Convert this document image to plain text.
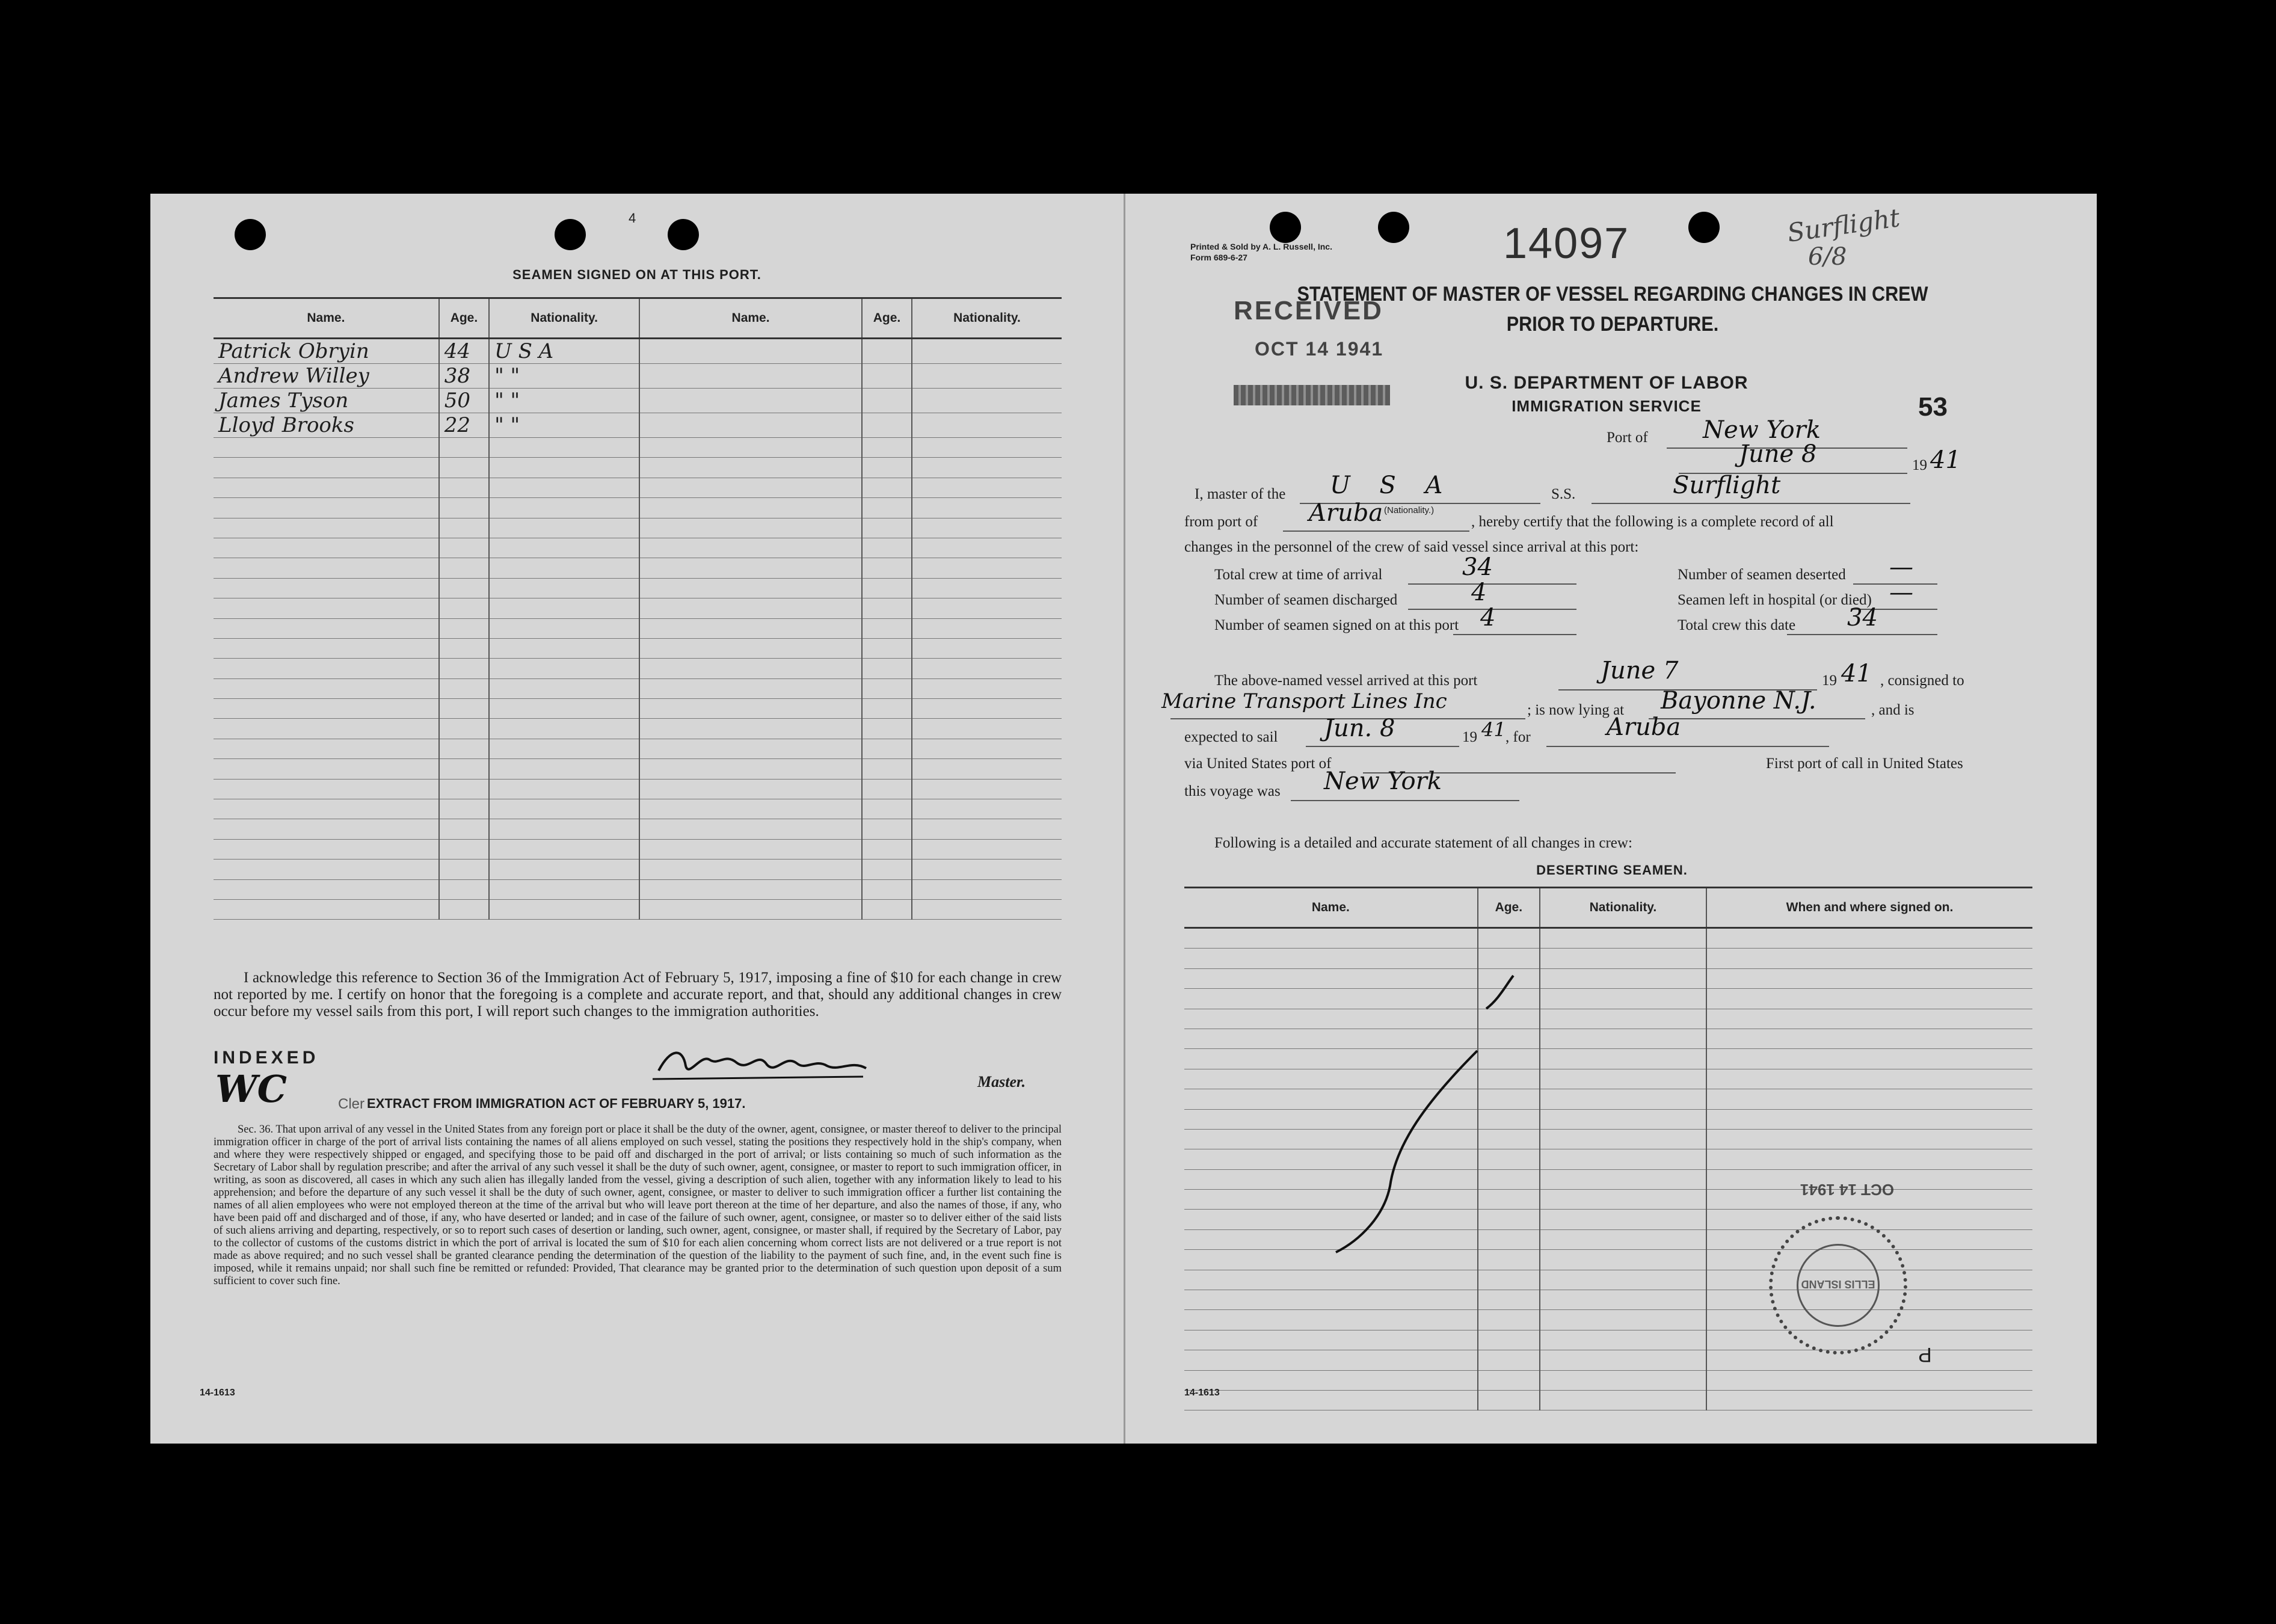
4
SEAMEN SIGNED ON AT THIS PORT.
Name.	Age.	Nationality.	Name.	Age.	Nationality.
Patrick Obryin	44	U S A			
Andrew Willey	38	" "			
James Tyson	50	" "			
Lloyd Brooks	22	" "			

I acknowledge this reference to Section 36 of the Immigration Act of February 5, 1917, imposing a fine of $10 for each change in crew not reported by me. I certify on honor that the foregoing is a complete and accurate report, and that, should any additional changes in crew occur before my vessel sails from this port, I will report such changes to the immigration authorities.
INDEXED
WC	Cler
Master.
EXTRACT FROM IMMIGRATION ACT OF FEBRUARY 5, 1917.
Sec. 36. That upon arrival of any vessel in the United States from any foreign port or place it shall be the duty of the owner, agent, consignee, or master thereof to deliver to the principal immigration officer in charge of the port of arrival lists containing the names of all aliens employed on such vessel, stating the positions they respectively hold in the ship's company, when and where they were respectively shipped or engaged, and specifying those to be paid off and discharged in the port of arrival; or lists containing so much of such information as the Secretary of Labor shall by regulation prescribe; and after the arrival of any such vessel it shall be the duty of such owner, agent, consignee, or master to report to such immigration officer, in writing, as soon as discovered, all cases in which any such alien has illegally landed from the vessel, giving a description of such alien, together with any information likely to lead to his apprehension; and before the departure of any such vessel it shall be the duty of such owner, agent, consignee, or master to deliver to such immigration officer a further list containing the names of all alien employees who were not employed thereon at the time of the arrival but who will leave port thereon at the time of her departure, and also the names of those, if any, who have been paid off and discharged and of those, if any, who have deserted or landed; and in case of the failure of such owner, agent, consignee, or master so to deliver either of the said lists of such aliens arriving and departing, respectively, or so to report such cases of desertion or landing, such owner, agent, consignee, or master shall, if required by the Secretary of Labor, pay to the collector of customs of the customs district in which the port of arrival is located the sum of $10 for each alien concerning whom correct lists are not delivered or a true report is not made as above required; and no such vessel shall be granted clearance pending the determination of the question of the liability to the payment of such fine, and, in the event such fine is imposed, while it remains unpaid; nor shall such fine be remitted or refunded: Provided, That clearance may be granted prior to the determination of such question upon deposit of a sum sufficient to cover such fine.
14-1613
Printed & Sold by A. L. Russell, Inc.
Form 689-6-27	14097	Surflight
6/8
STATEMENT OF MASTER OF VESSEL REGARDING CHANGES IN CREW
PRIOR TO DEPARTURE.
RECEIVED
OCT 14 1941
U. S. DEPARTMENT OF LABOR
IMMIGRATION SERVICE	53
Port of New York
June 8	19 41
I, master of the U S A
(Nationality.)
S.S.	Surflight
from port of Aruba	, hereby certify that the following is a complete record of all
changes in the personnel of the crew of said vessel since arrival at this port:
Total crew at time of arrival	34
Number of seamen discharged	4
Number of seamen signed on at this port 4
Number of seamen deserted —
Seamen left in hospital (or died) —
Total crew this date 34
The above-named vessel arrived at this port	June 7	19 41 , consigned to
Marine Transport Lines Inc	; is now lying at Bayonne N.J.	, and is
expected to sail Jun. 8	19 41 , for	Aruba
via United States port of	First port of call in United States
this voyage was New York
Following is a detailed and accurate statement of all changes in crew:
DESERTING SEAMEN.
Name.	Age.	Nationality.	When and where signed on.

OCT 14 1941
ELLIS ISLAND
P
14-1613
